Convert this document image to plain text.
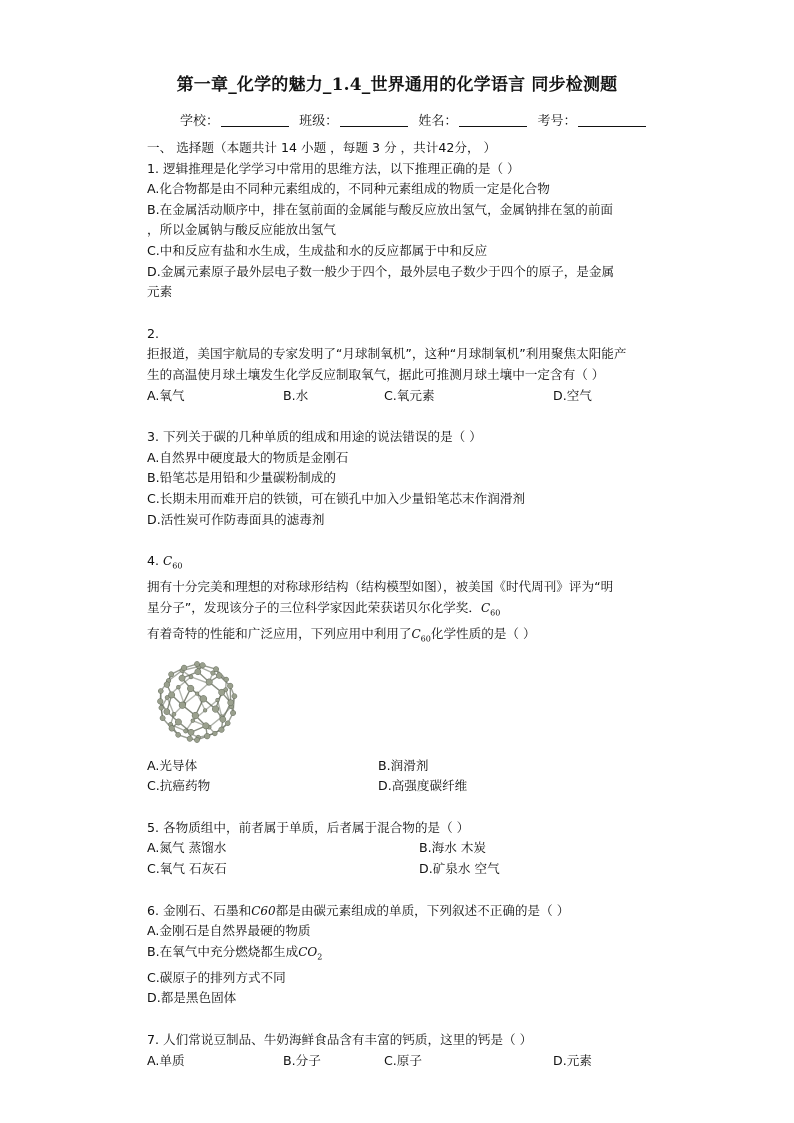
第一章_化学的魅力_1.4_世界通用的化学语言 同步检测题
学校：	班级：	姓名：	考号：
一、 选择题（本题共计 14 小题 ，每题 3 分 ，共计42分， ）
1. 逻辑推理是化学学习中常用的思维方法，以下推理正确的是（ ）
A.化合物都是由不同种元素组成的，不同种元素组成的物质一定是化合物
B.在金属活动顺序中，排在氢前面的金属能与酸反应放出氢气，金属钠排在氢的前面
，所以金属钠与酸反应能放出氢气
C.中和反应有盐和水生成，生成盐和水的反应都属于中和反应
D.金属元素原子最外层电子数一般少于四个，最外层电子数少于四个的原子，是金属
元素
2.
拒报道，美国宇航局的专家发明了“月球制氧机”，这种“月球制氧机”利用聚焦太阳能产
生的高温使月球土壤发生化学反应制取氧气，据此可推测月球土壤中一定含有（ ）
A.氧气	B.水	C.氧元素	D.空气
3. 下列关于碳的几种单质的组成和用途的说法错误的是（ ）
A.自然界中硬度最大的物质是金刚石
B.铅笔芯是用铅和少量碳粉制成的
C.长期未用而难开启的铁锁，可在锁孔中加入少量铅笔芯末作润滑剂
D.活性炭可作防毒面具的滤毒剂
4. $C_{60}$
拥有十分完美和理想的对称球形结构（结构模型如图），被美国《时代周刊》评为“明
星分子”，发现该分子的三位科学家因此荣获诺贝尔化学奖．$C_{60}$
有着奇特的性能和广泛应用，下列应用中利用了$C_{60}$化学性质的是（ ）
A.光导体	B.润滑剂
C.抗癌药物	D.高强度碳纤维
5. 各物质组中，前者属于单质，后者属于混合物的是（ ）
A.氮气 蒸馏水	B.海水 木炭
C.氧气 石灰石	D.矿泉水 空气
6. 金刚石、石墨和C60都是由碳元素组成的单质，下列叙述不正确的是（ ）
A.金刚石是自然界最硬的物质
B.在氧气中充分燃烧都生成$CO_2$
C.碳原子的排列方式不同
D.都是黑色固体
7. 人们常说豆制品、牛奶海鲜食品含有丰富的钙质，这里的钙是（ ）
A.单质	B.分子	C.原子	D.元素
